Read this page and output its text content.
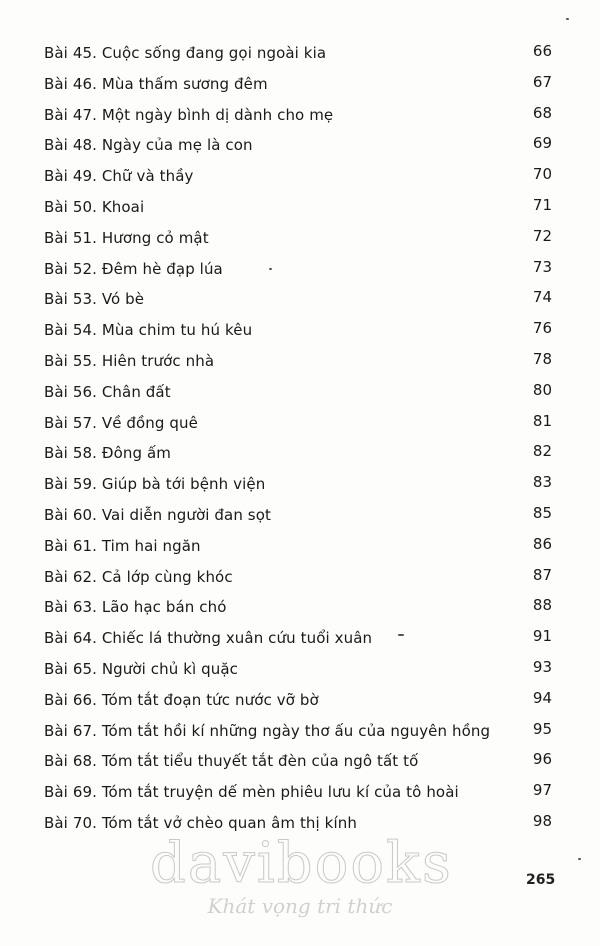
Bài 45. Cuộc sống đang gọi ngoài kia	66
Bài 46. Mùa thấm sương đêm	67
Bài 47. Một ngày bình dị dành cho mẹ	68
Bài 48. Ngày của mẹ là con	69
Bài 49. Chữ và thầy	70
Bài 50. Khoai	71
Bài 51. Hương cỏ mật	72
Bài 52. Đêm hè đạp lúa	73
Bài 53. Vó bè	74
Bài 54. Mùa chim tu hú kêu	76
Bài 55. Hiên trước nhà	78
Bài 56. Chân đất	80
Bài 57. Về đồng quê	81
Bài 58. Đông ấm	82
Bài 59. Giúp bà tới bệnh viện	83
Bài 60. Vai diễn người đan sọt	85
Bài 61. Tim hai ngăn	86
Bài 62. Cả lớp cùng khóc	87
Bài 63. Lão hạc bán chó	88
Bài 64. Chiếc lá thường xuân cứu tuổi xuân	91
Bài 65. Người chủ kì quặc	93
Bài 66. Tóm tắt đoạn tức nước vỡ bờ	94
Bài 67. Tóm tắt hồi kí những ngày thơ ấu của nguyên hồng	95
Bài 68. Tóm tắt tiểu thuyết tắt đèn của ngô tất tố	96
Bài 69. Tóm tắt truyện dế mèn phiêu lưu kí của tô hoài	97
Bài 70. Tóm tắt vở chèo quan âm thị kính	98
265
davibooks
Khát vọng tri thức
